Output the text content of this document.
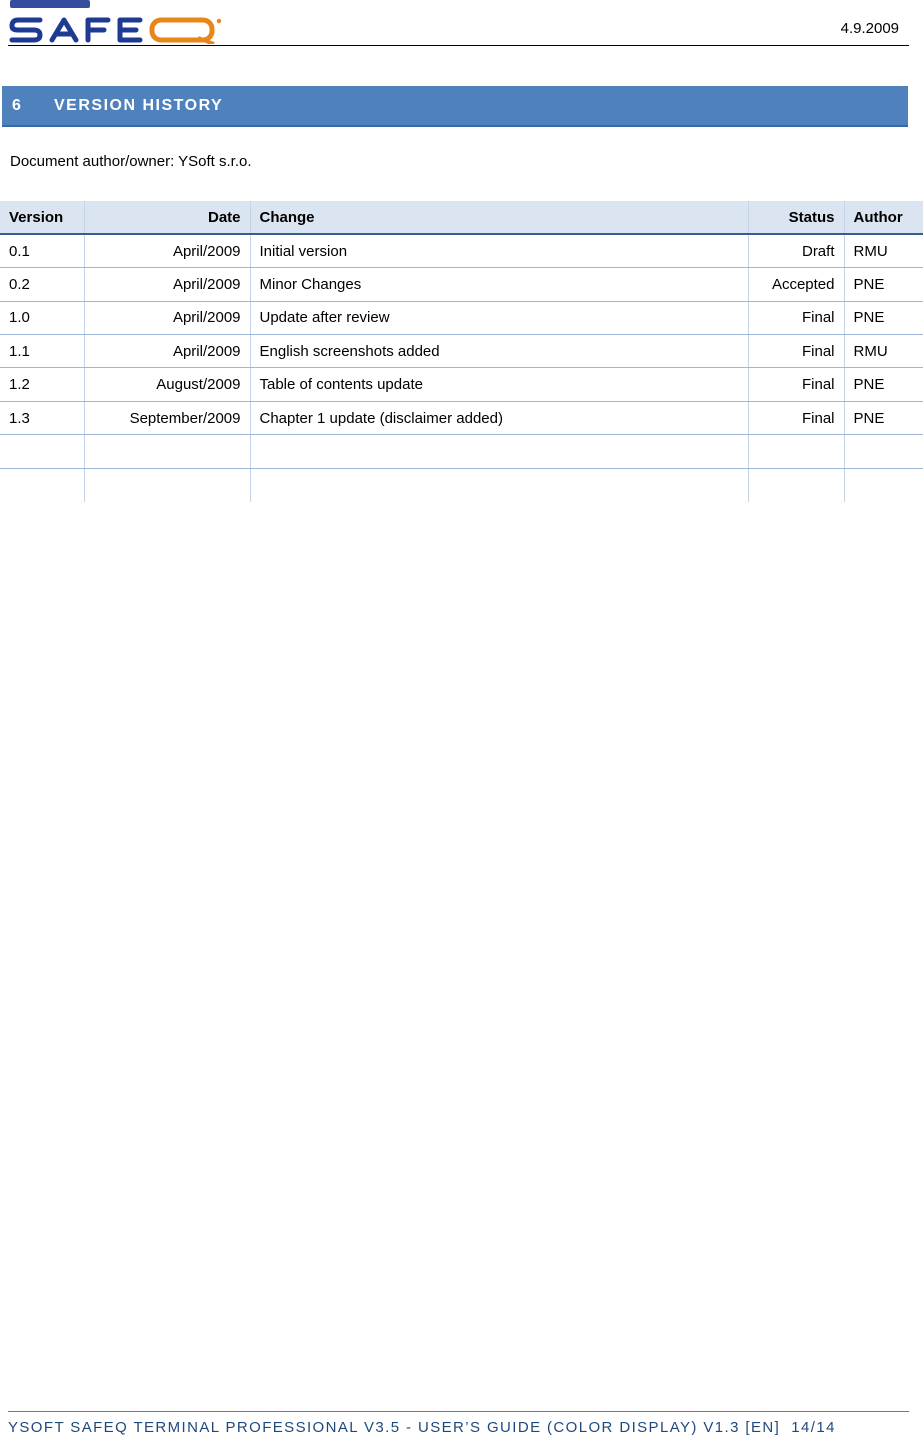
4.9.2009
6 VERSION HISTORY
Document author/owner: YSoft s.r.o.
Version	Date	Change	Status	Author
0.1	April/2009	Initial version	Draft	RMU
0.2	April/2009	Minor Changes	Accepted	PNE
1.0	April/2009	Update after review	Final	PNE
1.1	April/2009	English screenshots added	Final	RMU
1.2	August/2009	Table of contents update	Final	PNE
1.3	September/2009	Chapter 1 update (disclaimer added)	Final	PNE

YSOFT SAFEQ TERMINAL PROFESSIONAL V3.5 - USER’S GUIDE (COLOR DISPLAY) V1.3 [EN] 14/14
